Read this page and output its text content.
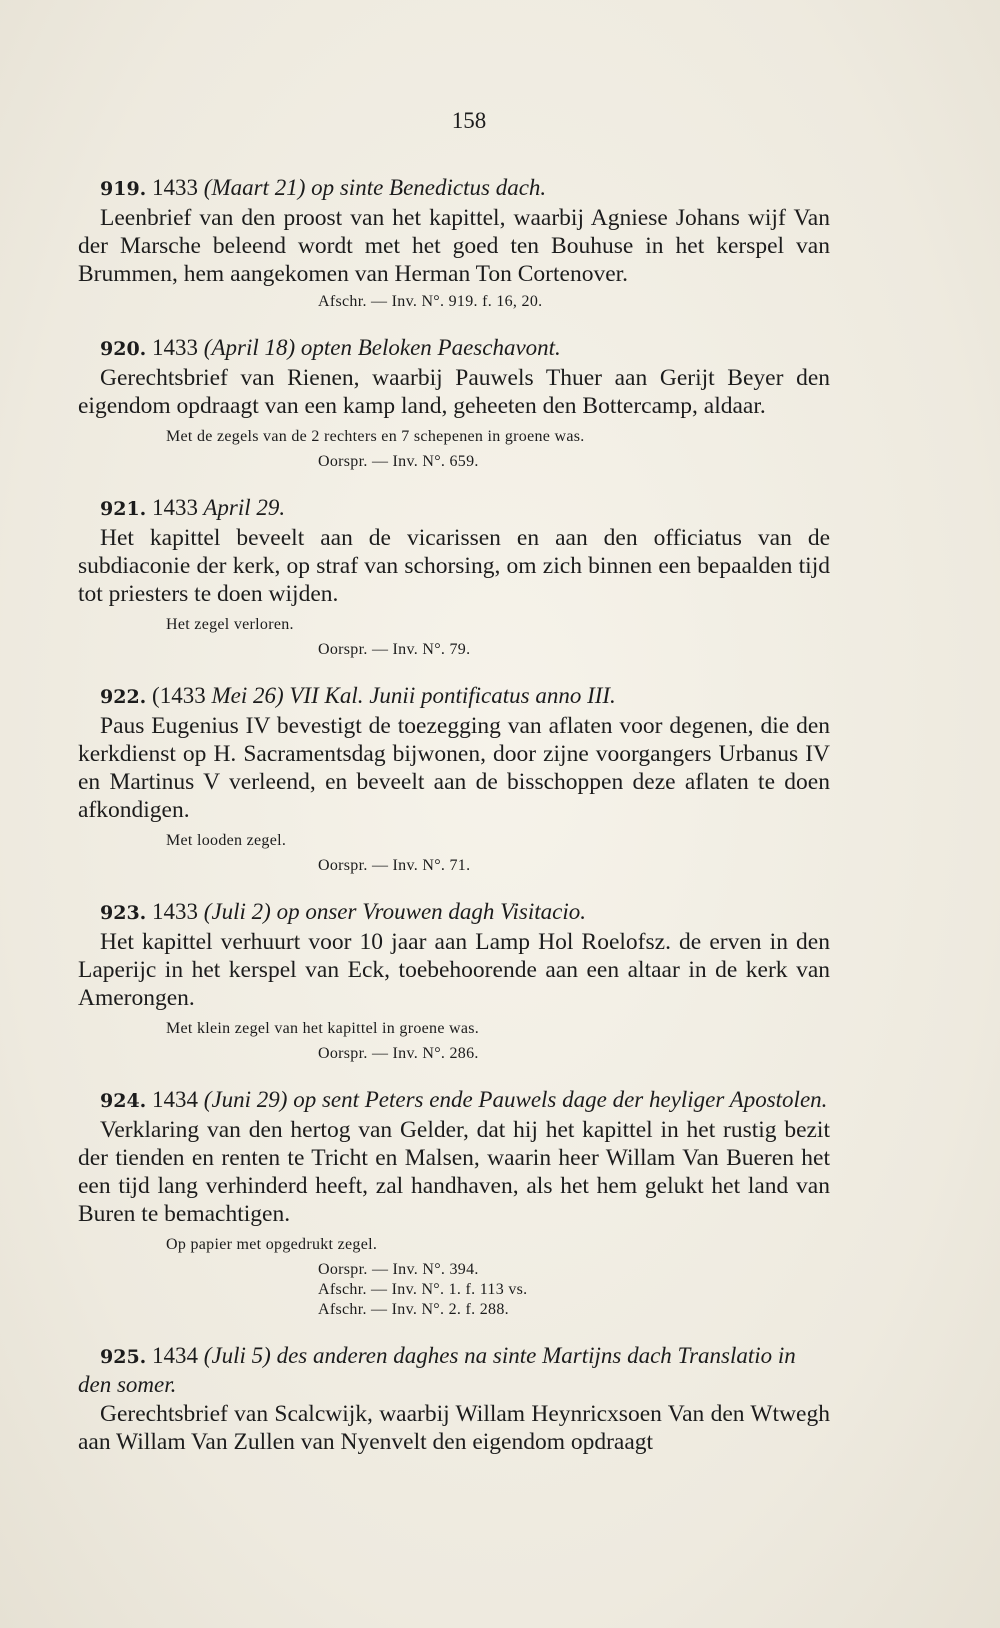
158
919. 1433 (Maart 21) op sinte Benedictus dach.
Leenbrief van den proost van het kapittel, waarbij Agniese Johans wijf Van der Marsche beleend wordt met het goed ten Bouhuse in het kerspel van Brummen, hem aangekomen van Herman Ton Cortenover.
Afschr. — Inv. N°. 919. f. 16, 20.
920. 1433 (April 18) opten Beloken Paeschavont.
Gerechtsbrief van Rienen, waarbij Pauwels Thuer aan Gerijt Beyer den eigendom opdraagt van een kamp land, geheeten den Bottercamp, aldaar.
Met de zegels van de 2 rechters en 7 schepenen in groene was.
Oorspr. — Inv. N°. 659.
921. 1433 April 29.
Het kapittel beveelt aan de vicarissen en aan den officiatus van de subdiaconie der kerk, op straf van schorsing, om zich binnen een bepaalden tijd tot priesters te doen wijden.
Het zegel verloren.
Oorspr. — Inv. N°. 79.
922. (1433 Mei 26) VII Kal. Junii pontificatus anno III.
Paus Eugenius IV bevestigt de toezegging van aflaten voor degenen, die den kerkdienst op H. Sacramentsdag bijwonen, door zijne voorgangers Urbanus IV en Martinus V verleend, en beveelt aan de bisschoppen deze aflaten te doen afkondigen.
Met looden zegel.
Oorspr. — Inv. N°. 71.
923. 1433 (Juli 2) op onser Vrouwen dagh Visitacio.
Het kapittel verhuurt voor 10 jaar aan Lamp Hol Roelofsz. de erven in den Laperijc in het kerspel van Eck, toebehoorende aan een altaar in de kerk van Amerongen.
Met klein zegel van het kapittel in groene was.
Oorspr. — Inv. N°. 286.
924. 1434 (Juni 29) op sent Peters ende Pauwels dage der heyliger Apostolen.
Verklaring van den hertog van Gelder, dat hij het kapittel in het rustig bezit der tienden en renten te Tricht en Malsen, waarin heer Willam Van Bueren het een tijd lang verhinderd heeft, zal handhaven, als het hem gelukt het land van Buren te bemachtigen.
Op papier met opgedrukt zegel.
Oorspr. — Inv. N°. 394.
Afschr. — Inv. N°. 1. f. 113 vs.
Afschr. — Inv. N°. 2. f. 288.
925. 1434 (Juli 5) des anderen daghes na sinte Martijns dach Translatio in den somer.
Gerechtsbrief van Scalcwijk, waarbij Willam Heynricxsoen Van den Wtwegh aan Willam Van Zullen van Nyenvelt den eigendom opdraagt
